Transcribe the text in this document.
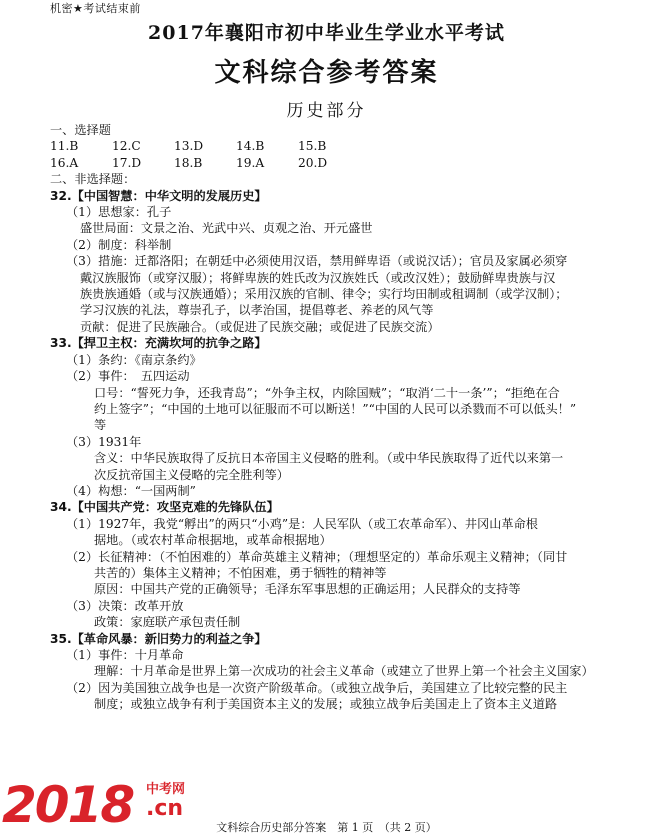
机密★考试结束前
2017年襄阳市初中毕业生学业水平考试
文科综合参考答案
历史部分
一、选择题
11.B	12.C	13.D	14.B	15.B
16.A	17.D	18.B	19.A	20.D
二、非选择题：
32.【中国智慧：中华文明的发展历史】
（1）思想家：孔子
盛世局面：文景之治、光武中兴、贞观之治、开元盛世
（2）制度：科举制
（3）措施：迁都洛阳；在朝廷中必须使用汉语，禁用鲜卑语（或说汉话）；官员及家属必须穿
戴汉族服饰（或穿汉服）；将鲜卑族的姓氏改为汉族姓氏（或改汉姓）；鼓励鲜卑贵族与汉
族贵族通婚（或与汉族通婚）；采用汉族的官制、律令；实行均田制或租调制（或学汉制）；
学习汉族的礼法，尊崇孔子，以孝治国，提倡尊老、养老的风气等
贡献：促进了民族融合。（或促进了民族交融；或促进了民族交流）
33.【捍卫主权：充满坎坷的抗争之路】
（1）条约：《南京条约》
（2）事件：　五四运动
口号：“誓死力争，还我青岛”；“外争主权，内除国贼”；“取消‘二十一条’”；“拒绝在合
约上签字”；“中国的土地可以征服而不可以断送！”“中国的人民可以杀戮而不可以低头！”
等
（3）1931年
含义：中华民族取得了反抗日本帝国主义侵略的胜利。（或中华民族取得了近代以来第一
次反抗帝国主义侵略的完全胜利等）
（4）构想：“一国两制”
34.【中国共产党：攻坚克难的先锋队伍】
（1）1927年，我党“孵出”的两只“小鸡”是：人民军队（或工农革命军）、井冈山革命根
据地。（或农村革命根据地，或革命根据地）
（2）长征精神：（不怕困难的）革命英雄主义精神；（理想坚定的）革命乐观主义精神；（同甘
共苦的）集体主义精神；不怕困难，勇于牺牲的精神等
原因：中国共产党的正确领导；毛泽东军事思想的正确运用；人民群众的支持等
（3）决策：改革开放
政策：家庭联产承包责任制
35.【革命风暴：新旧势力的利益之争】
（1）事件：十月革命
理解：十月革命是世界上第一次成功的社会主义革命（或建立了世界上第一个社会主义国家）
（2）因为美国独立战争也是一次资产阶级革命。（或独立战争后，美国建立了比较完整的民主
制度；或独立战争有利于美国资本主义的发展；或独立战争后美国走上了资本主义道路
2018 中考网
.cn
文科综合历史部分答案　第 1 页　（共 2 页）
